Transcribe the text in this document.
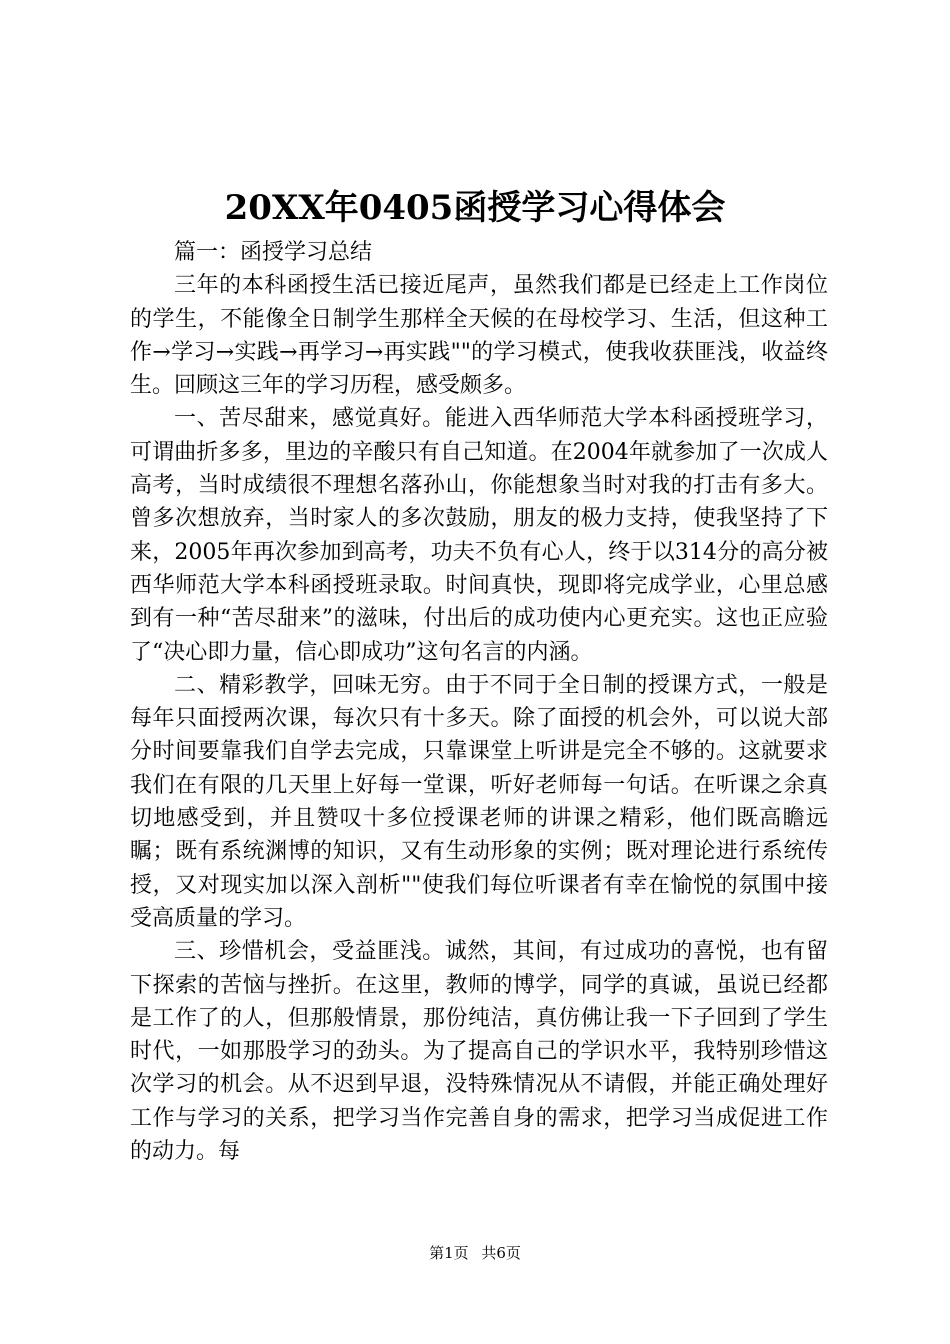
20XX年0405函授学习心得体会

篇一：函授学习总结

三年的本科函授生活已接近尾声，虽然我们都是已经走上工作岗位的学生，不能像全日制学生那样全天候的在母校学习、生活，但这种工作→学习→实践→再学习→再实践""的学习模式，使我收获匪浅，收益终生。回顾这三年的学习历程，感受颇多。

一、苦尽甜来，感觉真好。能进入西华师范大学本科函授班学习，可谓曲折多多，里边的辛酸只有自己知道。在2004年就参加了一次成人高考，当时成绩很不理想名落孙山，你能想象当时对我的打击有多大。曾多次想放弃，当时家人的多次鼓励，朋友的极力支持，使我坚持了下来，2005年再次参加到高考，功夫不负有心人，终于以314分的高分被西华师范大学本科函授班录取。时间真快，现即将完成学业，心里总感到有一种“苦尽甜来”的滋味，付出后的成功使内心更充实。这也正应验了“决心即力量，信心即成功”这句名言的内涵。

二、精彩教学，回味无穷。由于不同于全日制的授课方式，一般是每年只面授两次课，每次只有十多天。除了面授的机会外，可以说大部分时间要靠我们自学去完成，只靠课堂上听讲是完全不够的。这就要求我们在有限的几天里上好每一堂课，听好老师每一句话。在听课之余真切地感受到，并且赞叹十多位授课老师的讲课之精彩，他们既高瞻远瞩；既有系统渊博的知识，又有生动形象的实例；既对理论进行系统传授，又对现实加以深入剖析""使我们每位听课者有幸在愉悦的氛围中接受高质量的学习。

三、珍惜机会，受益匪浅。诚然，其间，有过成功的喜悦，也有留下探索的苦恼与挫折。在这里，教师的博学，同学的真诚，虽说已经都是工作了的人，但那般情景，那份纯洁，真仿佛让我一下子回到了学生时代，一如那股学习的劲头。为了提高自己的学识水平，我特别珍惜这次学习的机会。从不迟到早退，没特殊情况从不请假，并能正确处理好工作与学习的关系，把学习当作完善自身的需求，把学习当成促进工作的动力。每

第1页 共6页
